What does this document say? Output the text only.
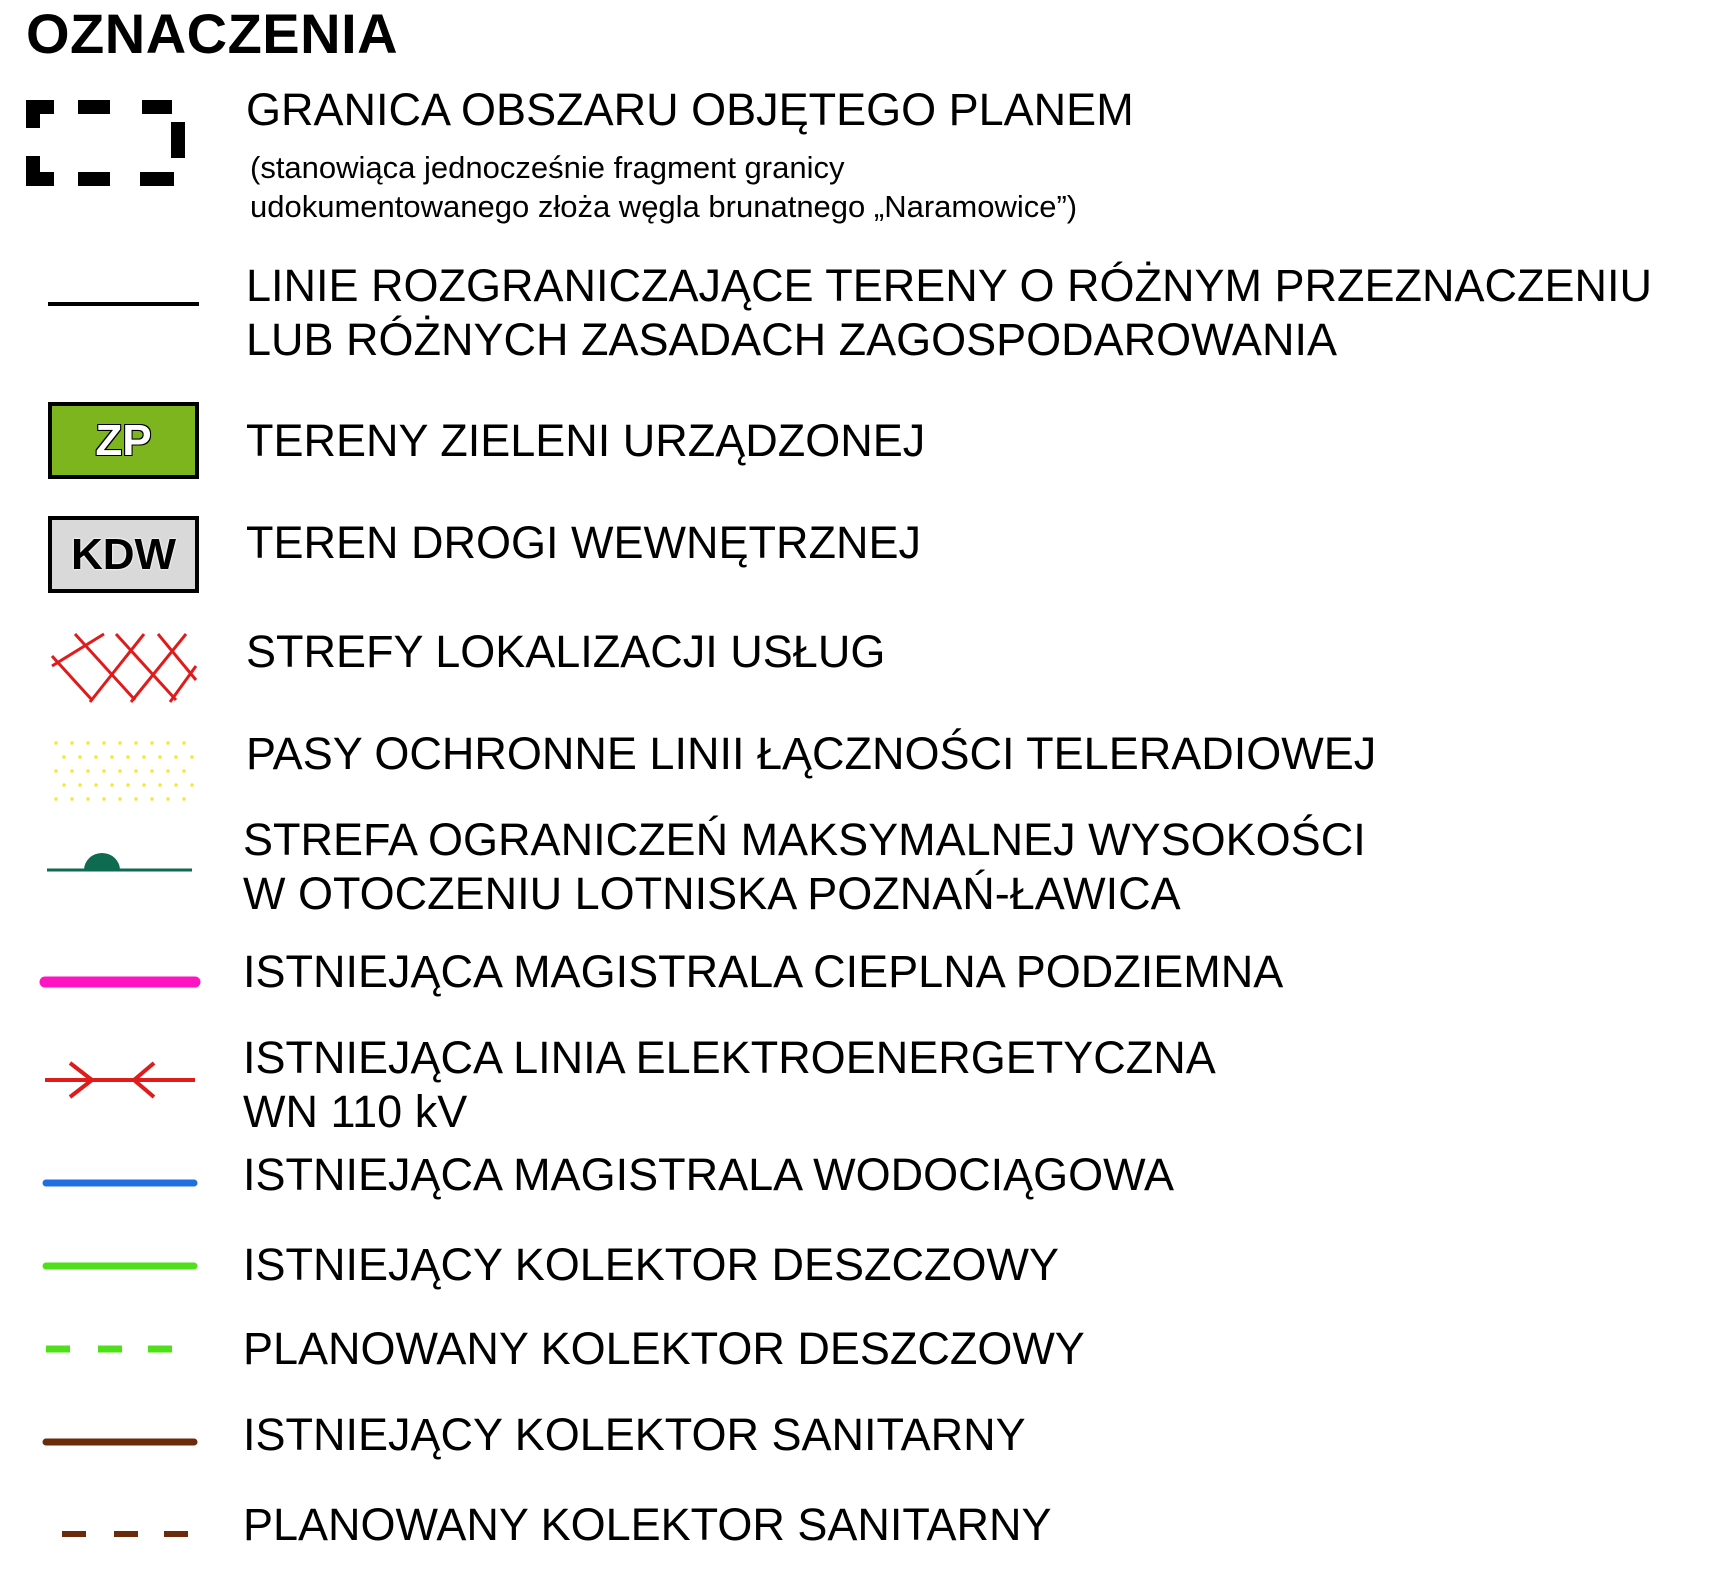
OZNACZENIA
ZP
KDW
GRANICA OBSZARU OBJĘTEGO PLANEM
(stanowiąca jednocześnie fragment granicy
udokumentowanego złoża węgla brunatnego „Naramowice”)
LINIE ROZGRANICZAJĄCE TERENY O RÓŻNYM PRZEZNACZENIU
LUB RÓŻNYCH ZASADACH ZAGOSPODAROWANIA
TERENY ZIELENI URZĄDZONEJ
TEREN DROGI WEWNĘTRZNEJ
STREFY LOKALIZACJI USŁUG
PASY OCHRONNE LINII ŁĄCZNOŚCI TELERADIOWEJ
STREFA OGRANICZEŃ MAKSYMALNEJ WYSOKOŚCI
W OTOCZENIU LOTNISKA POZNAŃ-ŁAWICA
ISTNIEJĄCA MAGISTRALA CIEPLNA PODZIEMNA
ISTNIEJĄCA LINIA ELEKTROENERGETYCZNA
WN 110 kV
ISTNIEJĄCA MAGISTRALA WODOCIĄGOWA
ISTNIEJĄCY KOLEKTOR DESZCZOWY
PLANOWANY KOLEKTOR DESZCZOWY
ISTNIEJĄCY KOLEKTOR SANITARNY
PLANOWANY KOLEKTOR SANITARNY
